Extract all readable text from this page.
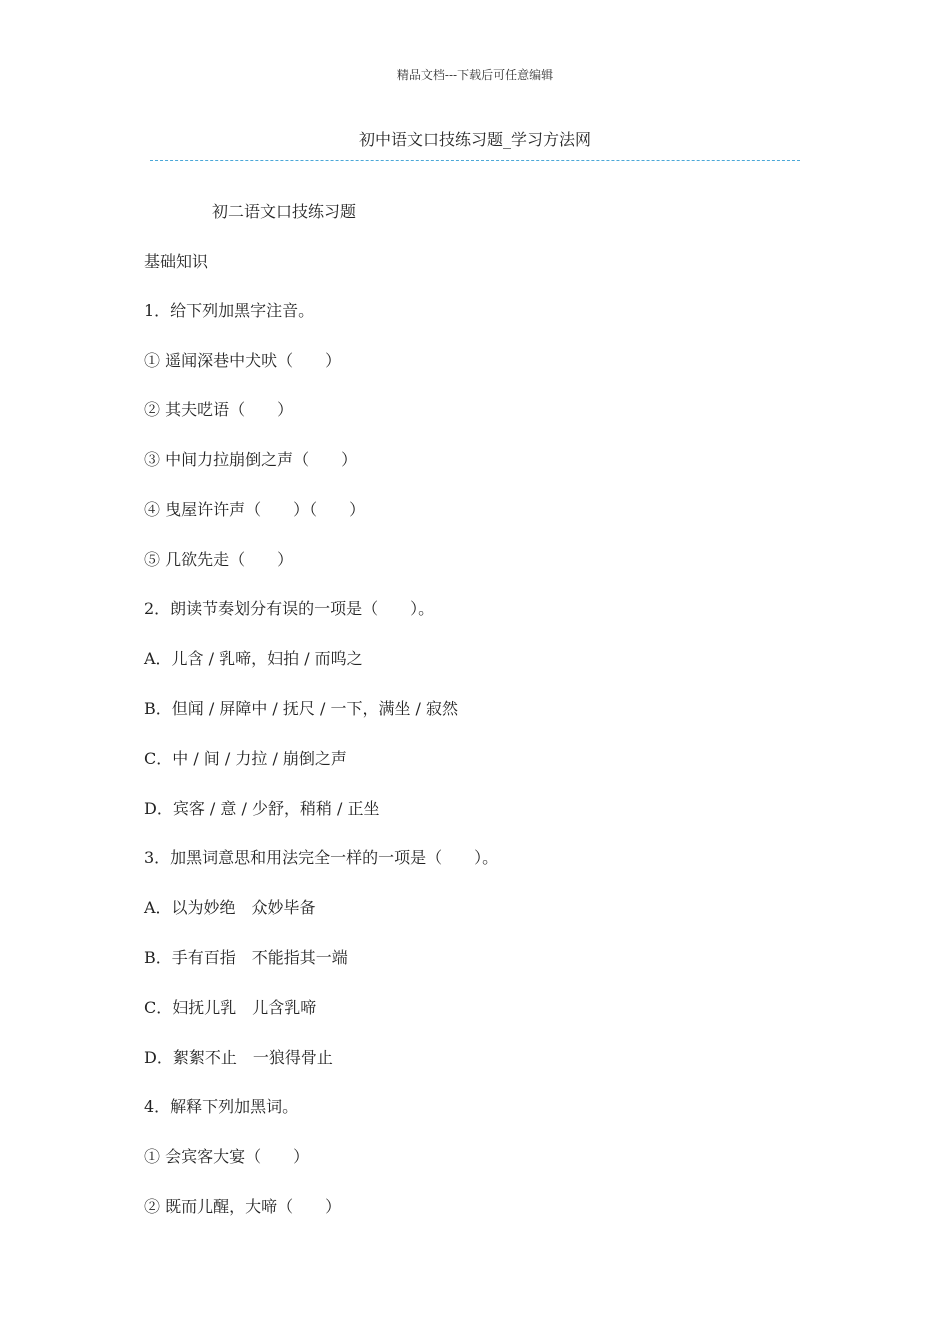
精品文档---下载后可任意编辑
初中语文口技练习题_学习方法网
初二语文口技练习题
基础知识
1．给下列加黑字注音。
① 遥闻深巷中犬吠（　　）
② 其夫呓语（　　）
③ 中间力拉崩倒之声（　　）
④ 曳屋许许声（　　）（　　）
⑤ 几欲先走（　　）
2．朗读节奏划分有误的一项是（　　）。
A．儿含 / 乳啼，妇拍 / 而呜之
B．但闻 / 屏障中 / 抚尺 / 一下，满坐 / 寂然
C．中 / 间 / 力拉 / 崩倒之声
D．宾客 / 意 / 少舒，稍稍 / 正坐
3．加黑词意思和用法完全一样的一项是（　　）。
A．以为妙绝　众妙毕备
B．手有百指　不能指其一端
C．妇抚儿乳　儿含乳啼
D．絮絮不止　一狼得骨止
4．解释下列加黑词。
① 会宾客大宴（　　）
② 既而儿醒，大啼（　　）
